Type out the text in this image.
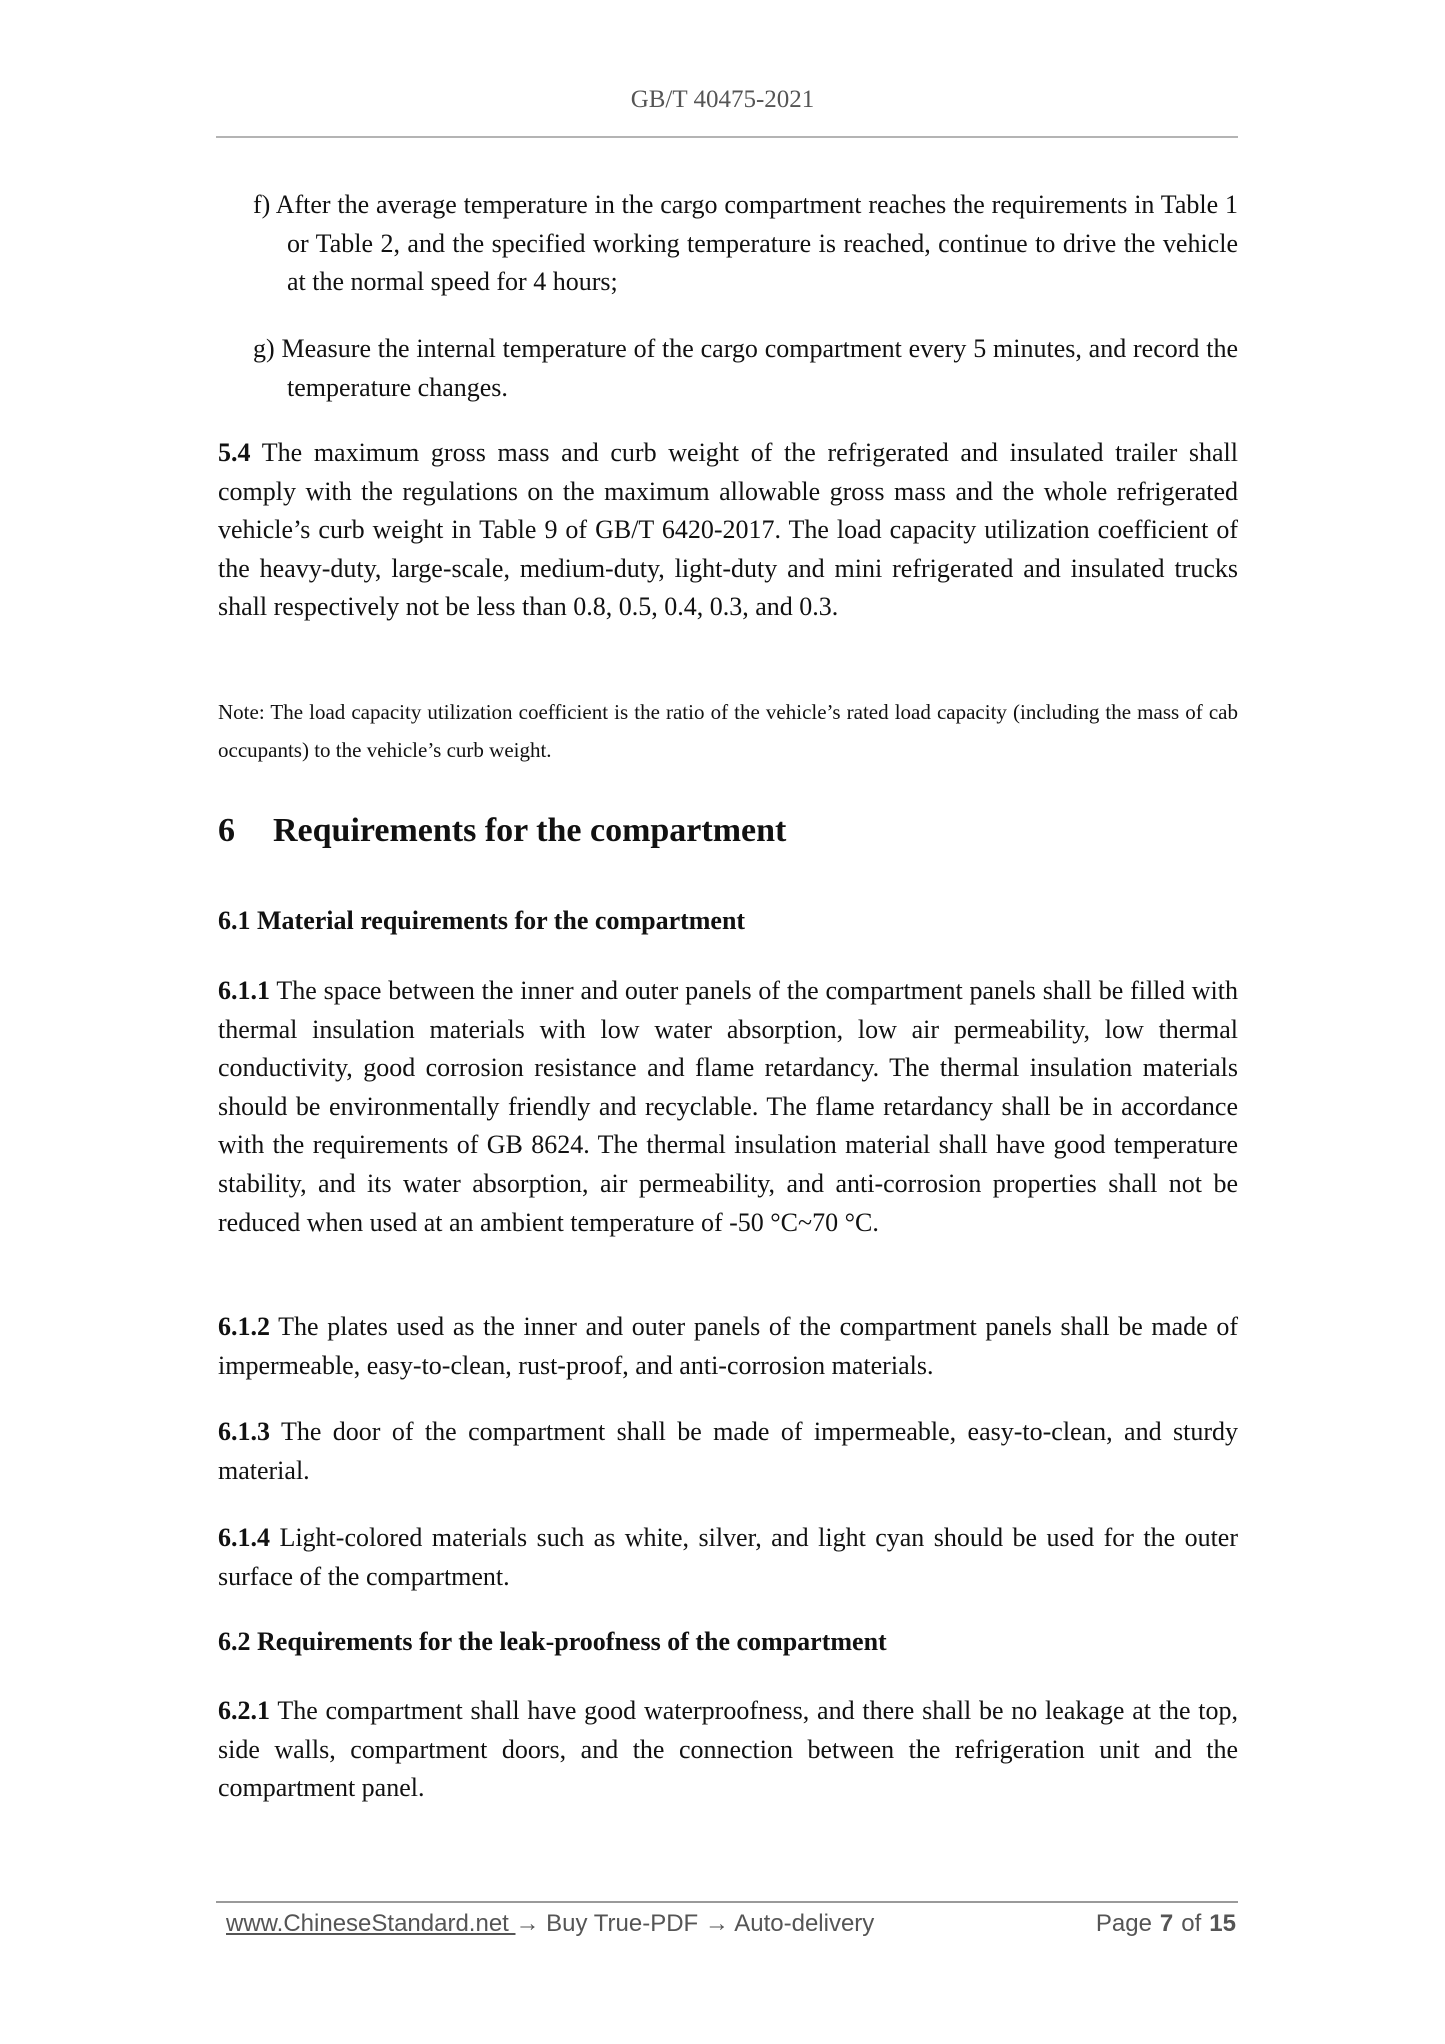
GB/T 40475-2021

f) After the average temperature in the cargo compartment reaches the requirements in Table 1 or Table 2, and the specified working temperature is reached, continue to drive the vehicle at the normal speed for 4 hours;

g) Measure the internal temperature of the cargo compartment every 5 minutes, and record the temperature changes.

5.4 The maximum gross mass and curb weight of the refrigerated and insulated trailer shall comply with the regulations on the maximum allowable gross mass and the whole refrigerated vehicle’s curb weight in Table 9 of GB/T 6420-2017. The load capacity utilization coefficient of the heavy-duty, large-scale, medium-duty, light-duty and mini refrigerated and insulated trucks shall respectively not be less than 0.8, 0.5, 0.4, 0.3, and 0.3.

Note: The load capacity utilization coefficient is the ratio of the vehicle’s rated load capacity (including the mass of cab occupants) to the vehicle’s curb weight.

6 Requirements for the compartment
6.1 Material requirements for the compartment

6.1.1 The space between the inner and outer panels of the compartment panels shall be filled with thermal insulation materials with low water absorption, low air permeability, low thermal conductivity, good corrosion resistance and flame retardancy. The thermal insulation materials should be environmentally friendly and recyclable. The flame retardancy shall be in accordance with the requirements of GB 8624. The thermal insulation material shall have good temperature stability, and its water absorption, air permeability, and anti-corrosion properties shall not be reduced when used at an ambient temperature of -50 °C~70 °C.

6.1.2 The plates used as the inner and outer panels of the compartment panels shall be made of impermeable, easy-to-clean, rust-proof, and anti-corrosion materials.

6.1.3 The door of the compartment shall be made of impermeable, easy-to-clean, and sturdy material.

6.1.4 Light-colored materials such as white, silver, and light cyan should be used for the outer surface of the compartment.

6.2 Requirements for the leak-proofness of the compartment

6.2.1 The compartment shall have good waterproofness, and there shall be no leakage at the top, side walls, compartment doors, and the connection between the refrigeration unit and the compartment panel.

www.ChineseStandard.net → Buy True-PDF → Auto-delivery	Page 7 of 15
